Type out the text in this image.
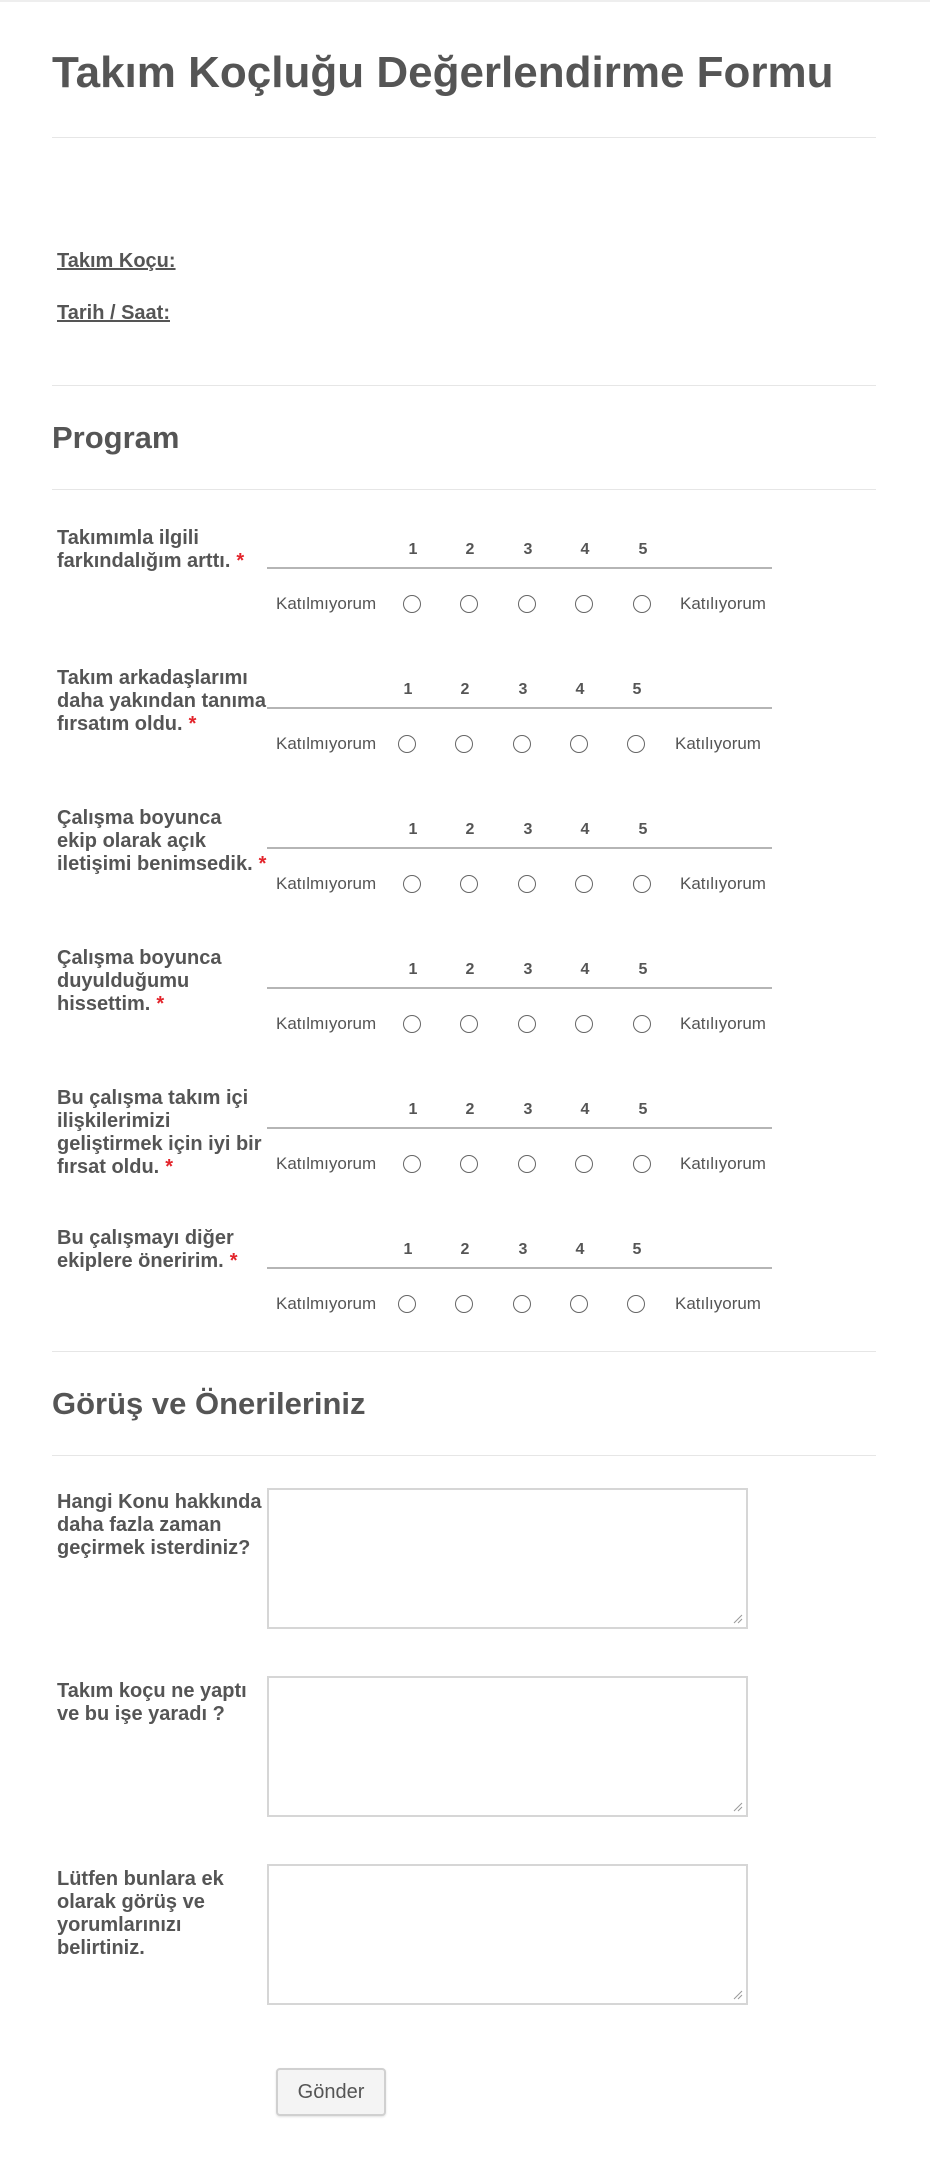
Takım Koçluğu Değerlendirme Formu
Takım Koçu:
Tarih / Saat:
Program
Takımımla ilgili farkındalığım arttı. *
1	2	3	4	5
Katılmıyorum	Katılıyorum
Takım arkadaşlarımı daha yakından tanıma fırsatım oldu. *
1	2	3	4	5
Katılmıyorum	Katılıyorum
Çalışma boyunca ekip olarak açık iletişimi benimsedik. *
1	2	3	4	5
Katılmıyorum	Katılıyorum
Çalışma boyunca duyulduğumu hissettim. *
1	2	3	4	5
Katılmıyorum	Katılıyorum
Bu çalışma takım içi ilişkilerimizi geliştirmek için iyi bir fırsat oldu. *
1	2	3	4	5
Katılmıyorum	Katılıyorum
Bu çalışmayı diğer ekiplere öneririm. *
1	2	3	4	5
Katılmıyorum	Katılıyorum
Görüş ve Önerileriniz
Hangi Konu hakkında daha fazla zaman geçirmek isterdiniz?
Takım koçu ne yaptı ve bu işe yaradı ?
Lütfen bunlara ek olarak görüş ve yorumlarınızı belirtiniz.
Gönder
